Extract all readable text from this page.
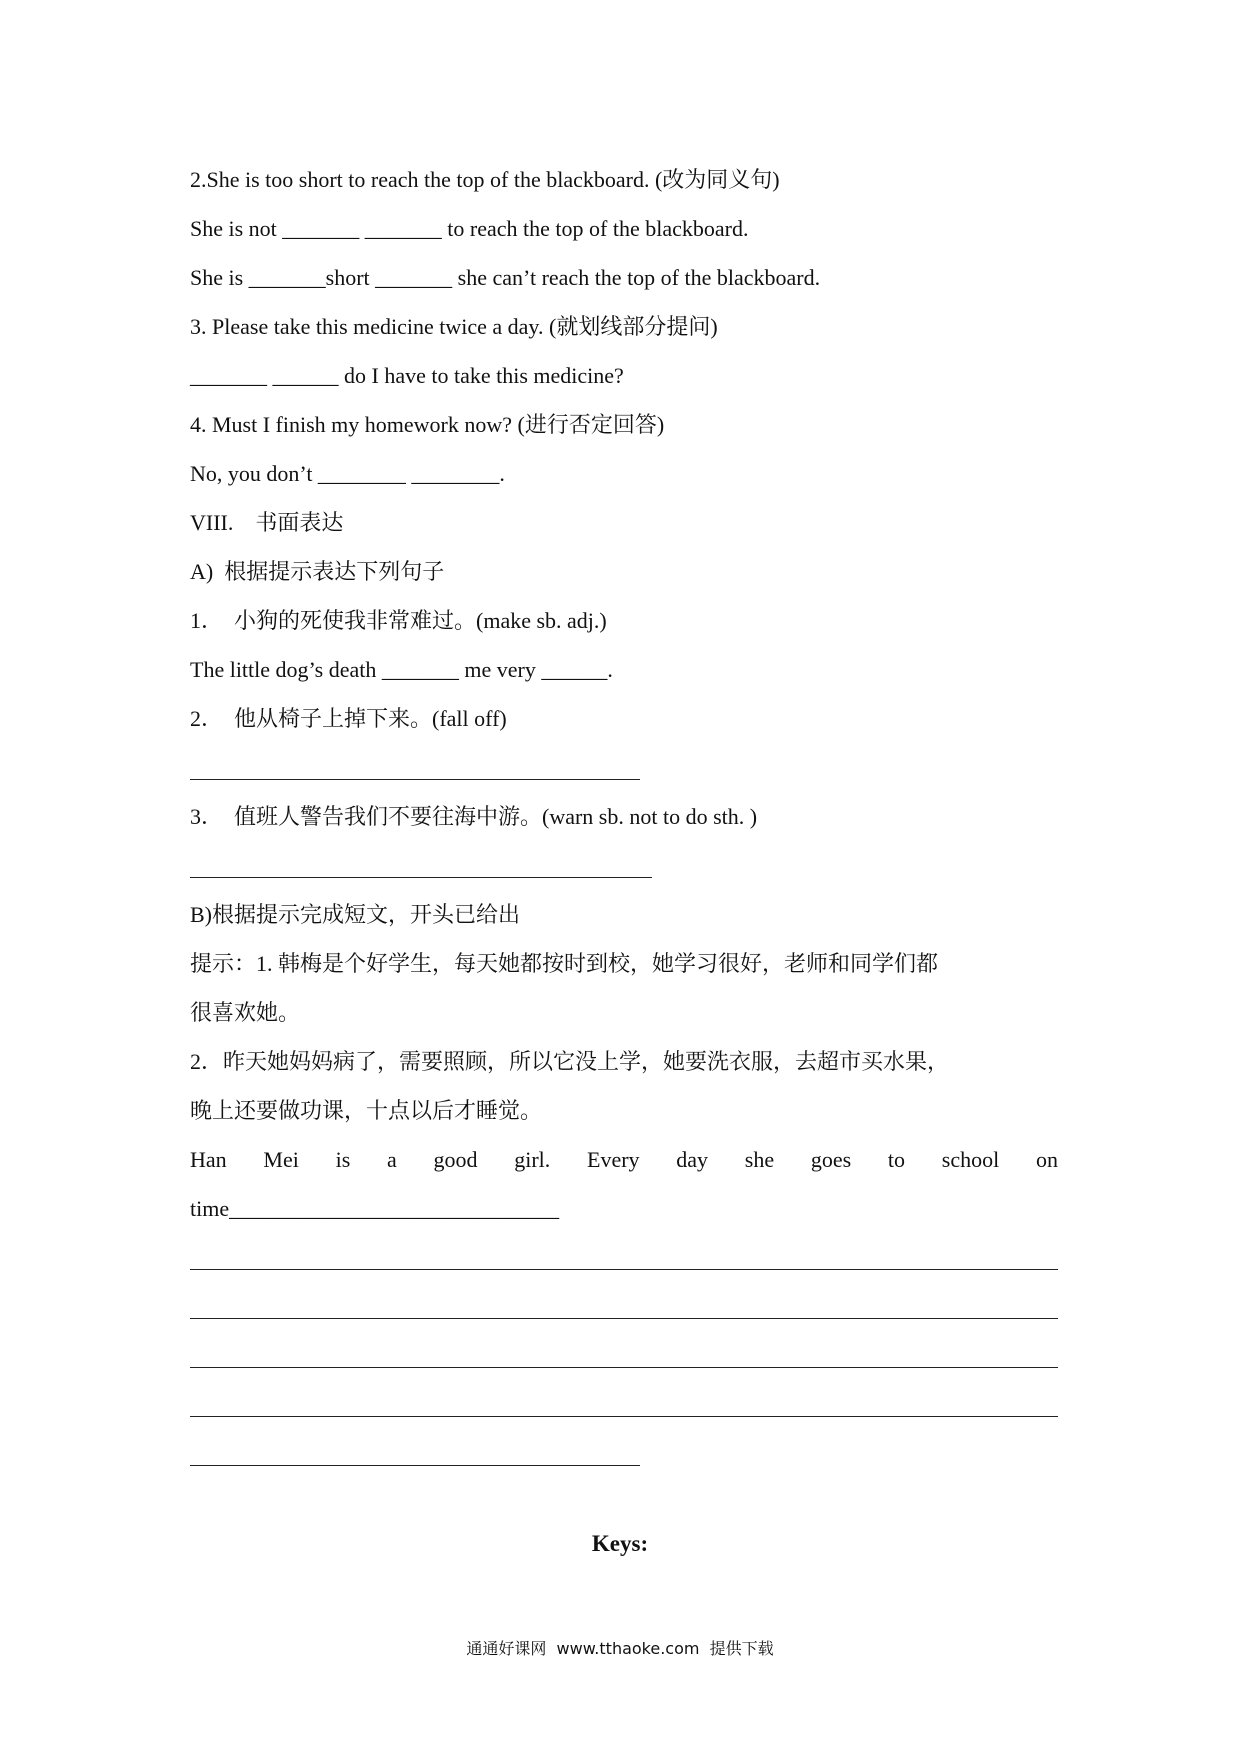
2.She is too short to reach the top of the blackboard. (改为同义句)
She is not _______ _______ to reach the top of the blackboard.
She is _______short _______ she can’t reach the top of the blackboard.
3. Please take this medicine twice a day. (就划线部分提问)
_______ ______ do I have to take this medicine?
4. Must I finish my homework now? (进行否定回答)
No, you don’t ________ ________.
VIII.    书面表达
A)  根据提示表达下列句子
1．  小狗的死使我非常难过。(make sb. adj.)
The little dog’s death _______ me very ______.
2．  他从椅子上掉下来。(fall off)
3．  值班人警告我们不要往海中游。(warn sb. not to do sth. )
B)根据提示完成短文，开头已给出
提示：1. 韩梅是个好学生，每天她都按时到校，她学习很好，老师和同学们都
很喜欢她。
2．昨天她妈妈病了，需要照顾，所以它没上学，她要洗衣服，去超市买水果，
晚上还要做功课，十点以后才睡觉。
Han Mei is a good girl. Every day she goes to school on
time______________________________
Keys:
通通好课网  www.tthaoke.com  提供下载
